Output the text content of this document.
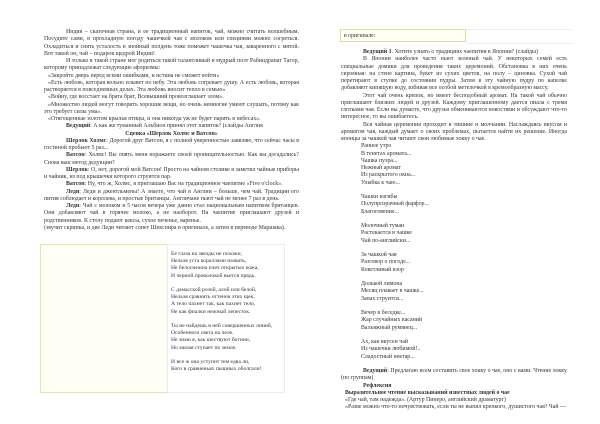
Индия – сказочная страна, и ее традиционный напиток, чай, можно считать волшебным. Посудите сами, в прохладную погоду чашечкой чая с молоком или специями можно согреться. Охладиться и снять усталость в знойный полдень тоже поможет чашечка чая, заваренного с мятой. Вот такой он, чай – подарок щедрой Индии!

И только в такой стране мог родиться такой талантливый и мудрый поэт Рабиндранат Тагор, которому принадлежат следующие афоризмы:

«Закройте дверь перед всеми ошибками, и истина не сможет войти»

«Есть любовь, которая вольно плывет по небу. Эта любовь согревает душу. А есть любовь, которая растворяется в повседневных делах. Эта любовь вносит тепло в семью»

«Войну, где восстает на брата брат, Всевышний провозглашает злом».

«Множество людей могут говорить хорошие вещи, но очень немногие умеют слушать, потому как это требует силы ума».

«Отягощенные золотом крылья птицы, и она никогда уж не будет парить в небесах».

Ведущий: А как же туманный Альбион принял этот напиток? (слайды Англия

Сценка «Шерлок Холмс и Ватсон»

Шерлок Холмс: Дорогой друг Ватсон, я с полной уверенностью заявляю, что сейчас часы в гостиной пробьют 5 раз...

Ватсон: Холмс! Вы опять меня поражаете своей проницательностью. Как вы догадались? Снова ваш метод дедукции?

Шерлок: О, нет, дорогой мой Ватсон! Просто на чайном столике я заметил чайные приборы и чайник, из под крышечки которого струится пар.

Ватсон: Ну, что ж, Холмс, я приглашаю Вас на традиционное чаепитие «Five o'clock».

Леди: Леди и джентльмены! А знаете, что чай в Англии – больше, чем чай. Традиции его пития соблюдает и королева, и простые британцы. Англичане пьют чай не менее 7 раз в день.

Леди: Чай с молоком в 5 часов вечера уже давно стал национальным напитком британцев. Они добавляют чай в горячее молоко, а не наоборот. На чаепитие приглашают друзей и родственников. К столу подают кексы, сухое печенье, варенье.

(звучит скрипка, и две Леди читают сонет Шекспира в оригинале, а затем в переводе Маршака).

Ее глаза на звезды не похожи,
Нельзя уста кораллами назвать,
Не белоснежна плеч открытых кожа,
И черной проволокой вьется прядь.

С дамасской розой, алой или белой,
Нельзя сравнить оттенок этих щек.
А тело пахнет так, как пахнет тело,
Не как фиалки нежный лепесток.

Ты не найдешь в ней совершенных линий,
Особенного света на челе.
Не знаю я, как шествуют богини,
Но милая ступает по земле.

И все ж она уступит тем едва ли,
Кого в сравненьях пышных оболгали!

в оригинале:

Ведущий 1. Хотите узнать о традициях чаепития в Японии? (слайды)

В Японии наиболее часто пьют зеленый чай. У некоторых семей есть специальные домики для проведения таких церемоний. Обстановка в них очень скромная: на стене картина, букет из сухих цветов, на полу – циновка. Сухой чай перетирают в ступке до состояния пудры. Затем в эту чайную пудру по капелке добавляют кипящую воду, взбивая все особой метелочкой в кремообразную массу.

Этот чай очень крепок, но имеет бесподобный аромат. На такой чай обычно приглашают близких людей и друзей. Каждому приглашенному дается пиала с тремя глотками чая. Если вы думаете, что друзья обмениваются новостями и обсуждают что-то интересное, то вы ошибаетесь.

Вся чайная церемония проходит в тишине и молчании. Наслаждаясь вкусом и ароматом чая, каждый думает о своих проблемах, пытается найти их решение. Иногда японцы за чашкой чая читают свои любимые хокку о чае.

Раннее утро
В тенетах аромата...
Чашка пуэра...
Нежный аромат
Из раскрытого окна...
Улыбка к чаю...

Чашки изгибы
Полупрозрачный фарфор...
Благоговение...

Молочный туман
Растекается в чашке
Чай по-английски...

За чашкой чая
Разговор о погоде...
Кокетливый взор

Долькой лимона
Месяц плавает в чашке...
Запах струится...

Вечер в беседке...
Жар случайных касаний
Вальяжный румянец...

Ах, как вкусен чай
Из чашечки любимой!..
Сладостный нектар...

Ведущий: Предлагаю всем составить свое хокку о чае, оно с вами. Чтение хокку (по группам)

Рефлексия

Выразительное чтение высказываний известных людей о чае

«Где чай, там надежда». (Артур Пинеро, английский драматург)

«Разве можно что-то почувствовать, если ты не выпил крепкого, душистого чая? Чай —
